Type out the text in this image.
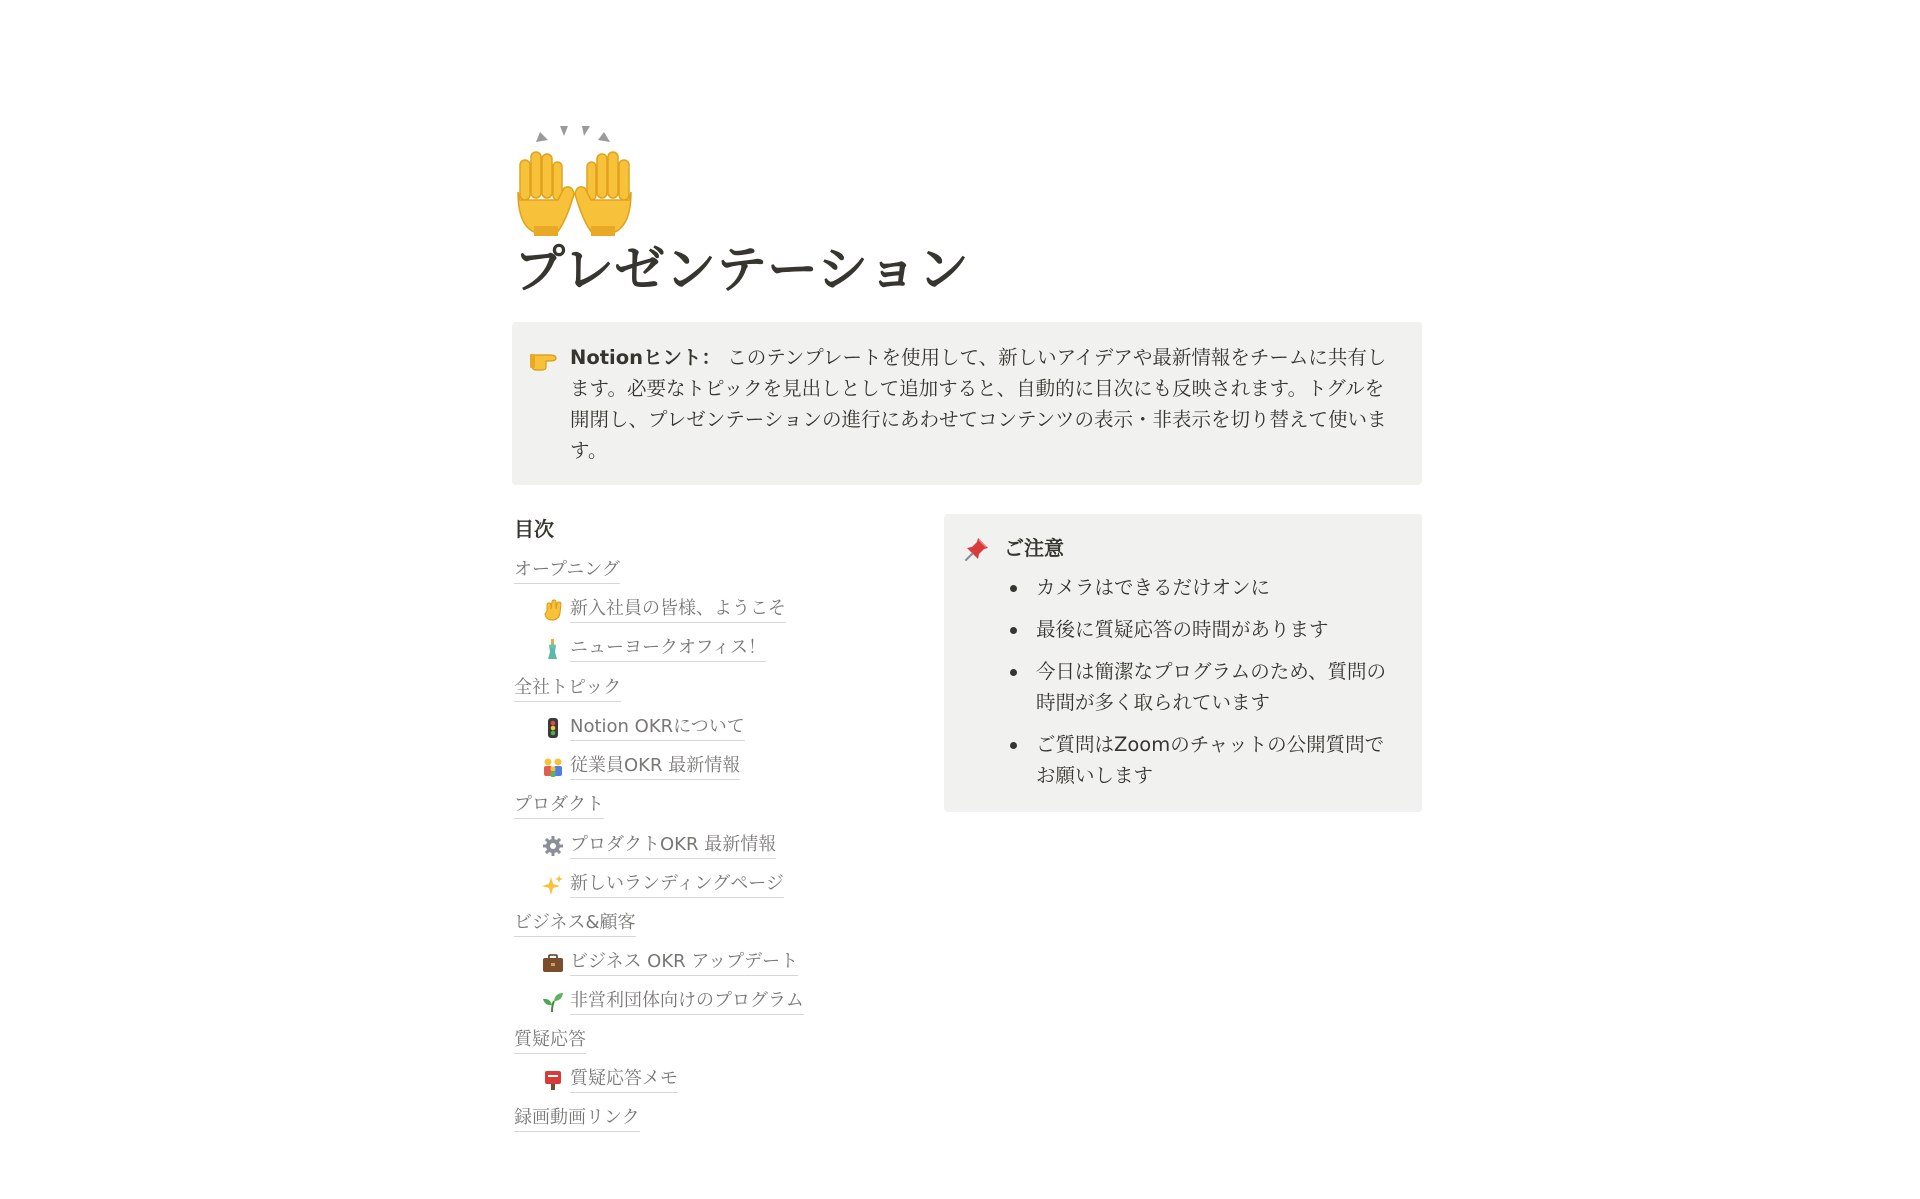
プレゼンテーション

Notionヒント： このテンプレートを使用して、新しいアイデアや最新情報をチームに共有します。必要なトピックを見出しとして追加すると、自動的に目次にも反映されます。トグルを開閉し、プレゼンテーションの進行にあわせてコンテンツの表示・非表示を切り替えて使います。

目次
オープニング
新入社員の皆様、ようこそ
ニューヨークオフィス！
全社トピック
Notion OKRについて
従業員OKR 最新情報
プロダクト
プロダクトOKR 最新情報
新しいランディングページ
ビジネス&顧客
ビジネス OKR アップデート
非営利団体向けのプログラム
質疑応答
質疑応答メモ
録画動画リンク
ご注意
カメラはできるだけオンに
最後に質疑応答の時間があります
今日は簡潔なプログラムのため、質問の時間が多く取られています
ご質問はZoomのチャットの公開質問でお願いします
